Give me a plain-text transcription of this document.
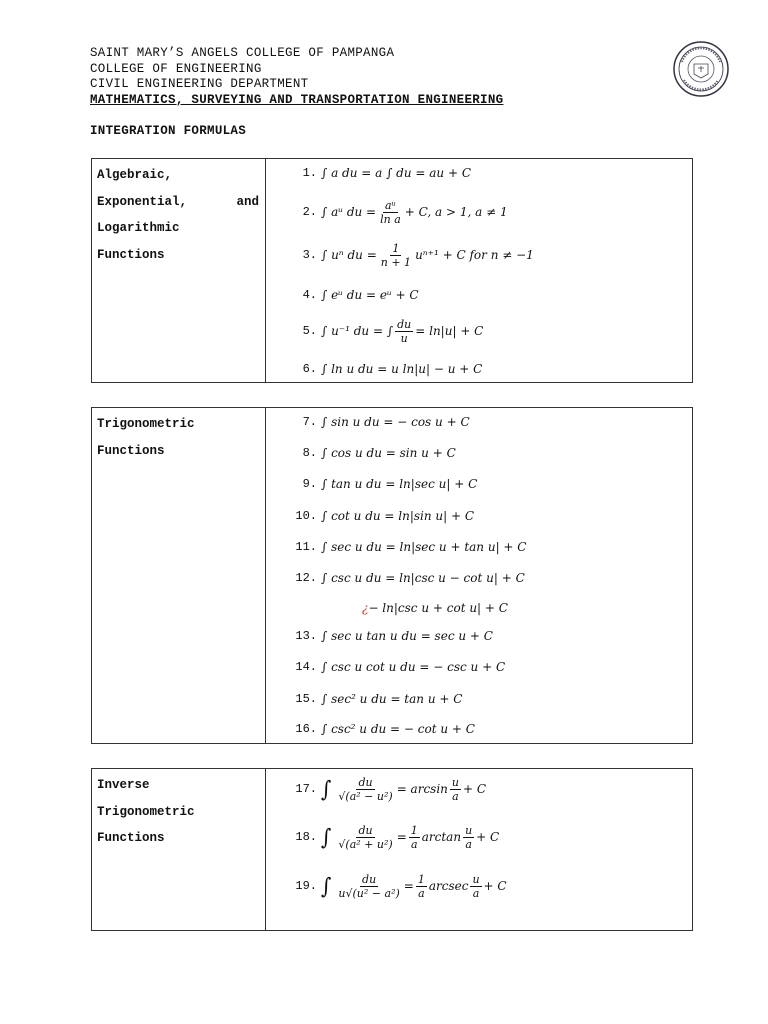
SAINT MARY’S ANGELS COLLEGE OF PAMPANGA
COLLEGE OF ENGINEERING
CIVIL ENGINEERING DEPARTMENT
MATHEMATICS, SURVEYING AND TRANSPORTATION ENGINEERING
INTEGRATION FORMULAS
Algebraic,
Exponential,	and
Logarithmic
Functions
1. ∫ a du = a ∫ du = au + C
2. ∫ aᵘ du = $\frac{\text{aᵘ}}{\text{ln a}} + C$, a > 1, a ≠ 1
3. ∫ uⁿ du = $\frac{1}{n + 1} u^{n+1} + C$ for n ≠ −1
4. ∫ eᵘ du = eᵘ + C
5. ∫ u⁻¹ du = ∫ $\frac{du}{u} = \ln|u| + C$
6. ∫ ln u du = u ln|u| − u + C
Trigonometric
Functions
7. ∫ sin u du = − cos u + C
8. ∫ cos u du = sin u + C
9. ∫ tan u du = ln|sec u| + C
10. ∫ cot u du = ln|sin u| + C
11. ∫ sec u du = ln|sec u + tan u| + C
12. ∫ csc u du = ln|csc u − cot u| + C
¿ − ln|csc u + cot u| + C
13. ∫ sec u tan u du = sec u + C
14. ∫ csc u cot u du = − csc u + C
15. ∫ sec² u du = tan u + C
16. ∫ csc² u du = − cot u + C
Inverse
Trigonometric
Functions
17. ∫ $\frac{du}{\text{√(a² − u²)}} = \arcsin \frac{u}{a} + C$
18. ∫ $\frac{du}{\text{√(a² + u²)}} = \frac{1}{a}$ $\arctan \frac{u}{a} + C$
19. ∫ $\frac{du}{\text{u√(u² − a²)}} = \frac{1}{a}$ arcsec $\frac{u}{a} + C$
